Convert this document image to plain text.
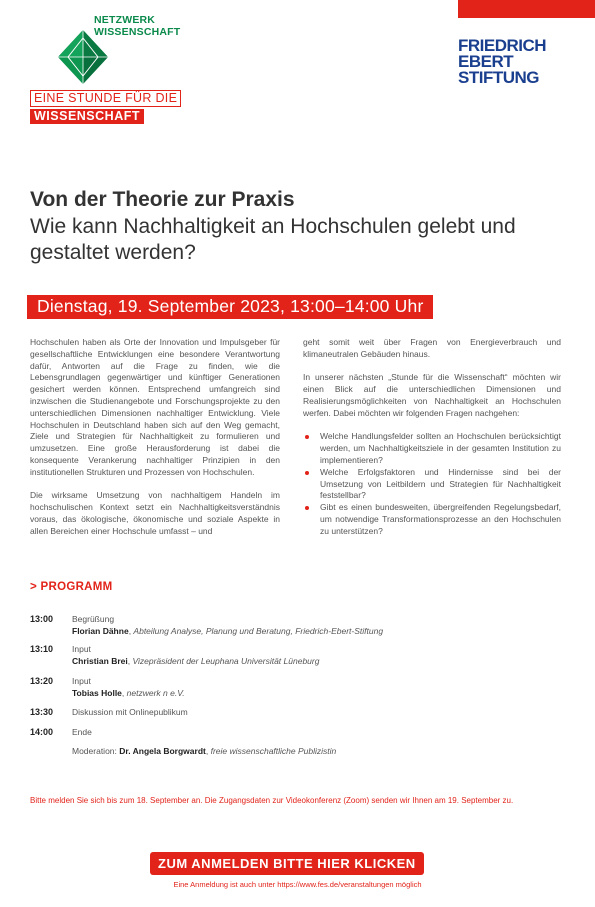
NETZWERK
WISSENSCHAFT
EINE STUNDE FÜR DIE
WISSENSCHAFT
FRIEDRICH
EBERT
STIFTUNG
Von der Theorie zur Praxis
Wie kann Nachhaltigkeit an Hochschulen gelebt und gestaltet werden?
Dienstag, 19. September 2023, 13:00–14:00 Uhr

Hochschulen haben als Orte der Innovation und Impulsgeber für gesellschaftliche Entwicklungen eine besondere Verantwortung dafür, Antworten auf die Frage zu finden, wie die Lebensgrundlagen gegenwärtiger und künftiger Generationen gesichert werden können. Entsprechend umfangreich sind inzwischen die Studienangebote und Forschungsprojekte zu den unterschiedlichen Dimensionen nachhaltiger Entwicklung. Viele Hochschulen in Deutschland haben sich auf den Weg gemacht, Ziele und Strategien für Nachhaltigkeit zu formulieren und umzusetzen. Eine große Herausforderung ist dabei die konsequente Verankerung nachhaltiger Prinzipien in den institutionellen Strukturen und Prozessen von Hochschulen.

Die wirksame Umsetzung von nachhaltigem Handeln im hochschulischen Kontext setzt ein Nachhaltigkeitsverständnis voraus, das ökologische, ökonomische und soziale Aspekte in allen Bereichen einer Hochschule umfasst – und

geht somit weit über Fragen von Energieverbrauch und klimaneutralen Gebäuden hinaus.

In unserer nächsten „Stunde für die Wissenschaft“ möchten wir einen Blick auf die unterschiedlichen Dimensionen und Realisierungsmöglichkeiten von Nachhaltigkeit an Hochschulen werfen. Dabei möchten wir folgenden Fragen nachgehen:

Welche Handlungsfelder sollten an Hochschulen berücksichtigt werden, um Nachhaltigkeitsziele in der gesamten Institution zu implementieren?
Welche Erfolgsfaktoren und Hindernisse sind bei der Umsetzung von Leitbildern und Strategien für Nachhaltigkeit feststellbar?
Gibt es einen bundesweiten, übergreifenden Regelungsbedarf, um notwendige Transformationsprozesse an den Hochschulen zu unterstützen?
> PROGRAMM
13:00 Begrüßung
Florian Dähne, Abteilung Analyse, Planung und Beratung, Friedrich-Ebert-Stiftung
13:10 Input
Christian Brei, Vizepräsident der Leuphana Universität Lüneburg
13:20 Input
Tobias Holle, netzwerk n e.V.
13:30 Diskussion mit Onlinepublikum
14:00 Ende
Moderation: Dr. Angela Borgwardt, freie wissenschaftliche Publizistin
Bitte melden Sie sich bis zum 18. September an. Die Zugangsdaten zur Videokonferenz (Zoom) senden wir Ihnen am 19. September zu.
ZUM ANMELDEN BITTE HIER KLICKEN
Eine Anmeldung ist auch unter https://www.fes.de/veranstaltungen möglich
